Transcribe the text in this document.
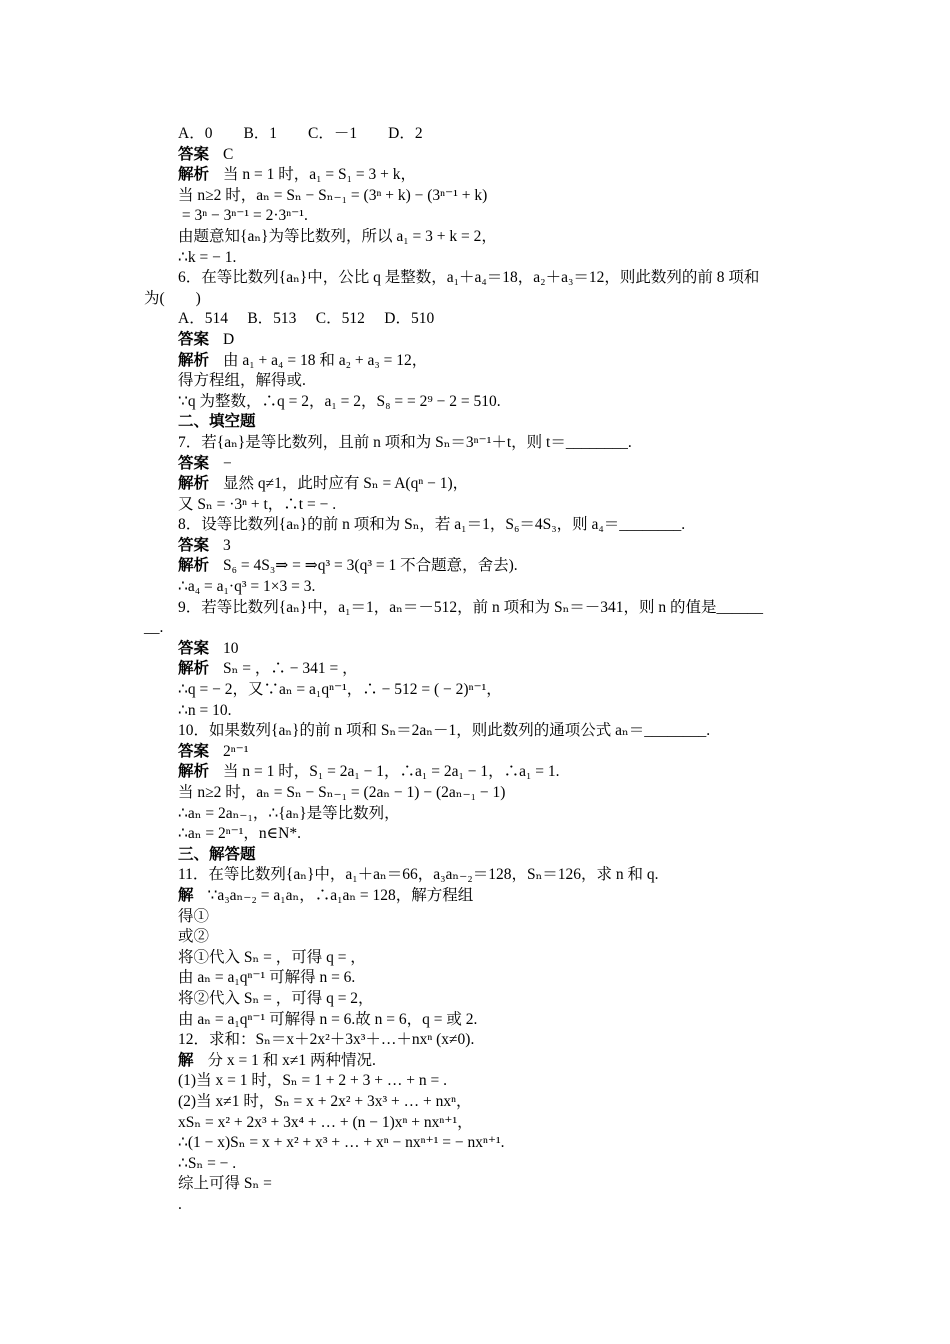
A．0　　B．1　　C．－1　　D．2
答案 C
解析 当 n = 1 时，a₁ = S₁ = 3 + k，
当 n≥2 时，aₙ = Sₙ − Sₙ₋₁ = (3ⁿ + k) − (3ⁿ⁻¹ + k)
= 3ⁿ − 3ⁿ⁻¹ = 2·3ⁿ⁻¹.
由题意知{aₙ}为等比数列，所以 a₁ = 3 + k = 2，
∴k = − 1.
6．在等比数列{aₙ}中，公比 q 是整数，a₁＋a₄＝18，a₂＋a₃＝12，则此数列的前 8 项和
为(　　)
A．514　 B．513　 C．512　 D．510
答案 D
解析 由 a₁ + a₄ = 18 和 a₂ + a₃ = 12，
得方程组，解得或.
∵q 为整数，∴q = 2，a₁ = 2，S₈ = = 2⁹ − 2 = 510.
二、填空题
7．若{aₙ}是等比数列，且前 n 项和为 Sₙ＝3ⁿ⁻¹＋t，则 t＝________.
答案 −
解析 显然 q≠1，此时应有 Sₙ = A(qⁿ − 1)，
又 Sₙ = ·3ⁿ + t，∴t = − .
8．设等比数列{aₙ}的前 n 项和为 Sₙ，若 a₁＝1，S₆＝4S₃，则 a₄＝________.
答案 3
解析 S₆ = 4S₃⇒ = ⇒q³ = 3(q³ = 1 不合题意，舍去).
∴a₄ = a₁·q³ = 1×3 = 3.
9．若等比数列{aₙ}中，a₁＝1，aₙ＝－512，前 n 项和为 Sₙ＝－341，则 n 的值是______
__.
答案 10
解析 Sₙ = ，∴ − 341 = ，
∴q = − 2，又∵aₙ = a₁qⁿ⁻¹，∴ − 512 = ( − 2)ⁿ⁻¹，
∴n = 10.
10．如果数列{aₙ}的前 n 项和 Sₙ＝2aₙ－1，则此数列的通项公式 aₙ＝________.
答案 2ⁿ⁻¹
解析 当 n = 1 时，S₁ = 2a₁ − 1，∴a₁ = 2a₁ − 1，∴a₁ = 1.
当 n≥2 时，aₙ = Sₙ − Sₙ₋₁ = (2aₙ − 1) − (2aₙ₋₁ − 1)
∴aₙ = 2aₙ₋₁，∴{aₙ}是等比数列，
∴aₙ = 2ⁿ⁻¹，n∈N*.
三、解答题
11．在等比数列{aₙ}中，a₁＋aₙ＝66，a₃aₙ₋₂＝128，Sₙ＝126，求 n 和 q.
解 ∵a₃aₙ₋₂ = a₁aₙ，∴a₁aₙ = 128，解方程组
得①
或②
将①代入 Sₙ = ，可得 q = ，
由 aₙ = a₁qⁿ⁻¹ 可解得 n = 6.
将②代入 Sₙ = ，可得 q = 2，
由 aₙ = a₁qⁿ⁻¹ 可解得 n = 6.故 n = 6，q = 或 2.
12．求和：Sₙ＝x＋2x²＋3x³＋…＋nxⁿ (x≠0).
解 分 x = 1 和 x≠1 两种情况.
(1)当 x = 1 时，Sₙ = 1 + 2 + 3 + … + n = .
(2)当 x≠1 时，Sₙ = x + 2x² + 3x³ + … + nxⁿ，
xSₙ = x² + 2x³ + 3x⁴ + … + (n − 1)xⁿ + nxⁿ⁺¹，
∴(1 − x)Sₙ = x + x² + x³ + … + xⁿ − nxⁿ⁺¹ = − nxⁿ⁺¹.
∴Sₙ = − .
综上可得 Sₙ =
.
